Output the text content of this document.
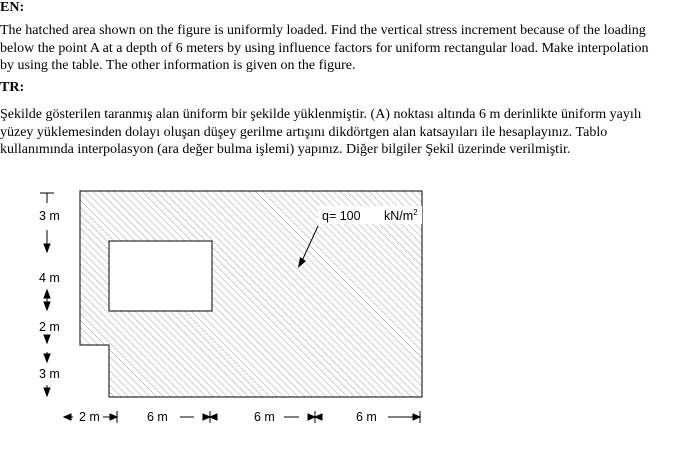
EN:
The hatched area shown on the figure is uniformly loaded. Find the vertical stress increment because of the loading
below the point A at a depth of 6 meters by using influence factors for uniform rectangular load. Make interpolation
by using the table. The other information is given on the figure.
TR:
Şekilde gösterilen taranmış alan üniform bir şekilde yüklenmiştir. (A) noktası altında 6 m derinlikte üniform yayılı
yüzey yüklemesinden dolayı oluşan düşey gerilme artışını dikdörtgen alan katsayıları ile hesaplayınız. Tablo
kullanımında interpolasyon (ara değer bulma işlemi) yapınız. Diğer bilgiler Şekil üzerinde verilmiştir.
q= 100 $kN/m^2$
3 m
4 m
2 m
3 m
2 m	6 m	6 m	6 m
